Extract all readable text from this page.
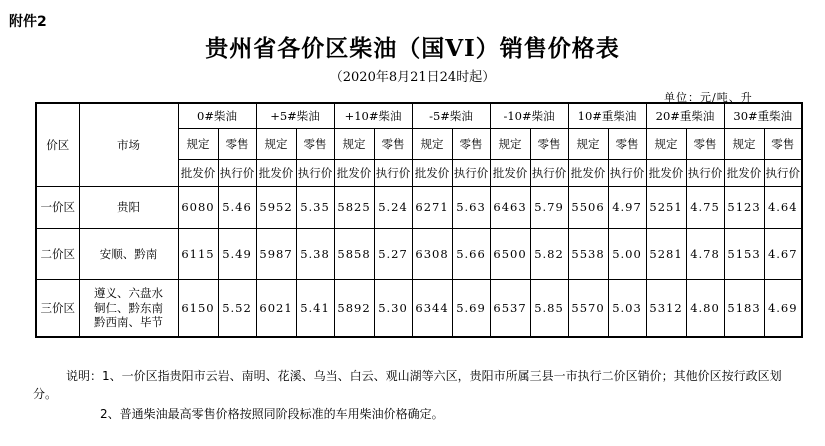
附件2
贵州省各价区柴油（国VI）销售价格表
（2020年8月21日24时起）
单位：元/吨、升
价区	市场	0#柴油		+5#柴油		+10#柴油		-5#柴油		-10#柴油		10#重柴油		20#重柴油		30#重柴油	
		规定	零售	规定	零售	规定	零售	规定	零售	规定	零售	规定	零售	规定	零售	规定	零售
		批发价	执行价	批发价	执行价	批发价	执行价	批发价	执行价	批发价	执行价	批发价	执行价	批发价	执行价	批发价	执行价
一价区	贵阳	6080	5.46	5952	5.35	5825	5.24	6271	5.63	6463	5.79	5506	4.97	5251	4.75	5123	4.64
二价区	安顺、黔南	6115	5.49	5987	5.38	5858	5.27	6308	5.66	6500	5.82	5538	5.00	5281	4.78	5153	4.67
三价区	遵义、六盘水
铜仁、黔东南
黔西南、毕节	6150	5.52	6021	5.41	5892	5.30	6344	5.69	6537	5.85	5570	5.03	5312	4.80	5183	4.69
说明：1、一价区指贵阳市云岩、南明、花溪、乌当、白云、观山湖等六区，贵阳市所属三县一市执行二价区销价；其他价区按行政区划分。
2、普通柴油最高零售价格按照同阶段标准的车用柴油价格确定。
